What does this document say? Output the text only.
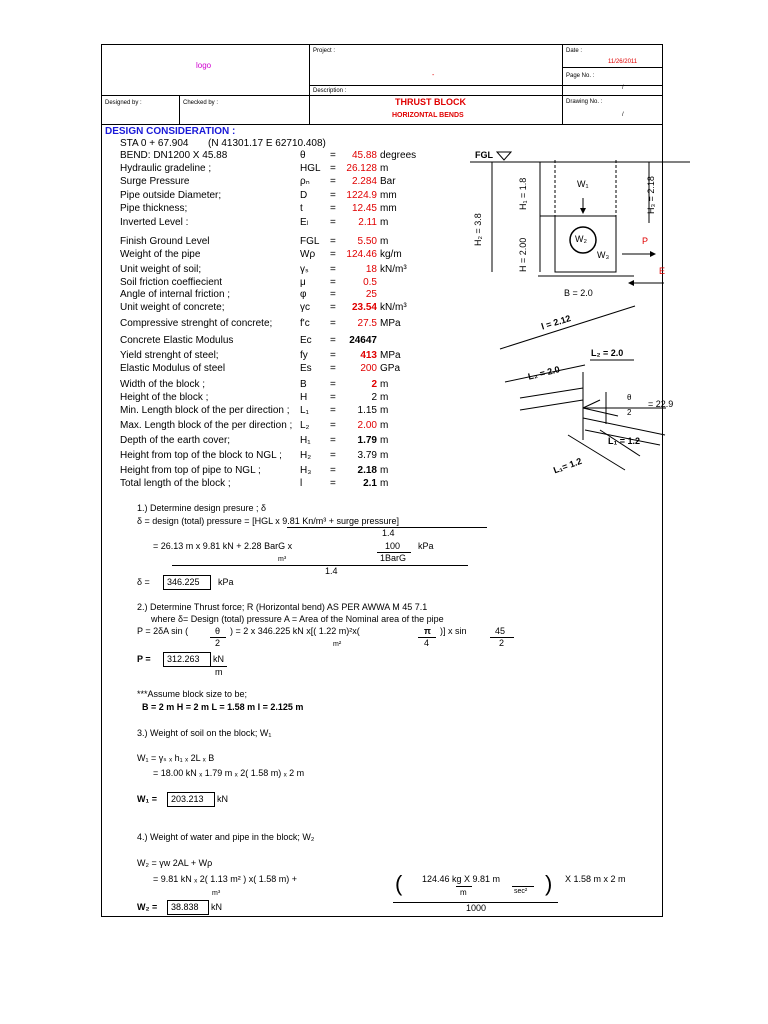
logo
Project :	Date :
11/26/2011
-	Page No. :
/
Designed by :	Checked by :
Description :
THRUST BLOCK
HORIZONTAL BENDS
Drawing No. :
/
DESIGN CONSIDERATION :
STA 0 + 67.904 (N 41301.17 E 62710.408)
BEND: DN1200 X 45.88	θ = 45.88 degrees
Hydraulic gradeline ;	HGL = 26.128 m
Surge Pressure	ρₙ = 2.284 Bar
Pipe outside Diameter;	D = 1224.9 mm
Pipe thickness;	t	= 12.45 mm
Inverted Level :	Eₗ = 2.11 m
Finish Ground Level	FGL = 5.50 m
Weight of the pipe	Wρ = 124.46 kg/m
Unit weight of soil;	γₛ =	18 kN/m³
Soil friction coeffiecient	μ =	0.5
Angle of internal friction ;	φ =	25
Unit weight of concrete;	γc = 23.54 kN/m³
Compressive strenght of concrete;	f'c = 27.5 MPa
Concrete Elastic Modulus	Ec = 24647
Yield strenght of steel;	fy = 413 MPa
Elastic Modulus of steel	Es = 200 GPa
Width of the block ;	B =	2 m
Height of the block ;	H =	2 m
Min. Length block of the per direction ; L₁ = 1.15 m
Max. Length block of the per direction ; L₂ = 2.00 m
Depth of the earth cover;	H₁ = 1.79 m
Height from top of the block to NGL ; H₂ = 3.79 m
Height from top of pipe to NGL ;	H₃ = 2.18 m
Total length of the block ;	l	=	2.1 m
FGL
H₃ = 2.18
H₁ = 1.8
H₂ = 3.8
H = 2.00
W₁
W₂
W₃
P
E
B = 2.0
l = 2.12
L₂ = 2.0
L₂ = 2.0
θ
2
= 22.9
L₁ = 1.2
L₁= 1.2
1.) Determine design presure ; δ
δ = design (total) pressure = [HGL x 9.81 Kn/m³ + surge pressure]
1.4
= 26.13 m x 9.81 kN + 2.28 BarG x	100
1BarG
kPa
m³
1.4
δ =	346.225	kPa
2.) Determine Thrust force; R (Horizontal bend) AS PER AWWA M 45 7.1
where δ= Design (total) pressure A = Area of the Nominal area of the pipe
P = 2δA sin (	θ
2
) = 2 x 346.225 kN x[( 1.22 m)²x(	π
4
)] x sin	45
2
m²
P =	312.263	kN
m
***Assume block size to be;
B = 2 m H = 2 m L = 1.58 m l = 2.125 m
3.) Weight of soil on the block; W₁
W₁ = γₛ ₓ h₁ ₓ 2L ₓ B
= 18.00 kN ₓ 1.79 m ₓ 2( 1.58 m) ₓ 2 m
W₁ =	203.213	kN
4.) Weight of water and pipe in the block; W₂
W₂ = γw 2AL + Wρ
= 9.81 kN ₓ 2( 1.13 m² ) x( 1.58 m) +
m³	( 124.46 kg X 9.81 m
m	sec² )
1000
X 1.58 m x 2 m
W₂ =	38.838	kN
